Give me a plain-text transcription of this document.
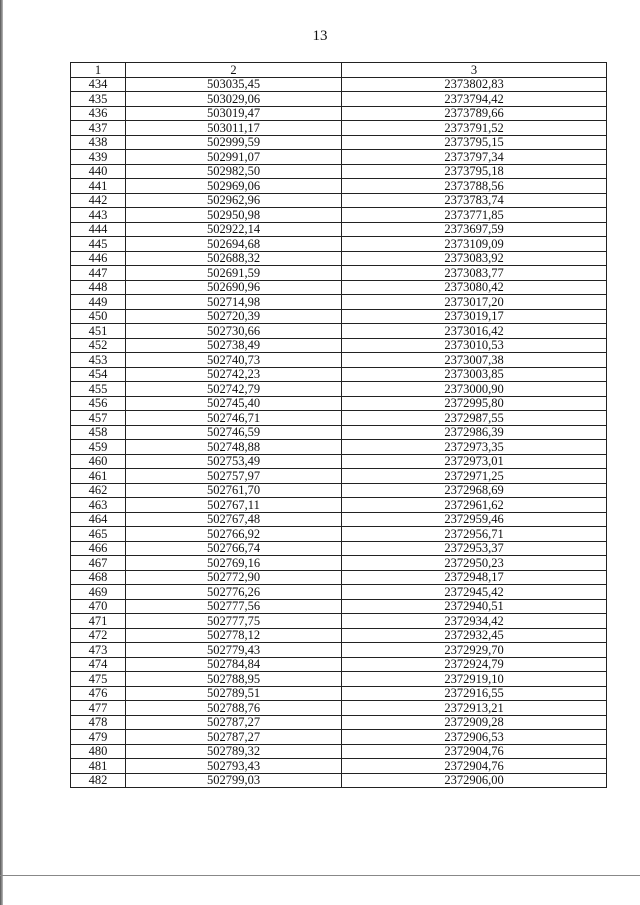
13
1	2	3
434	503035,45	2373802,83
435	503029,06	2373794,42
436	503019,47	2373789,66
437	503011,17	2373791,52
438	502999,59	2373795,15
439	502991,07	2373797,34
440	502982,50	2373795,18
441	502969,06	2373788,56
442	502962,96	2373783,74
443	502950,98	2373771,85
444	502922,14	2373697,59
445	502694,68	2373109,09
446	502688,32	2373083,92
447	502691,59	2373083,77
448	502690,96	2373080,42
449	502714,98	2373017,20
450	502720,39	2373019,17
451	502730,66	2373016,42
452	502738,49	2373010,53
453	502740,73	2373007,38
454	502742,23	2373003,85
455	502742,79	2373000,90
456	502745,40	2372995,80
457	502746,71	2372987,55
458	502746,59	2372986,39
459	502748,88	2372973,35
460	502753,49	2372973,01
461	502757,97	2372971,25
462	502761,70	2372968,69
463	502767,11	2372961,62
464	502767,48	2372959,46
465	502766,92	2372956,71
466	502766,74	2372953,37
467	502769,16	2372950,23
468	502772,90	2372948,17
469	502776,26	2372945,42
470	502777,56	2372940,51
471	502777,75	2372934,42
472	502778,12	2372932,45
473	502779,43	2372929,70
474	502784,84	2372924,79
475	502788,95	2372919,10
476	502789,51	2372916,55
477	502788,76	2372913,21
478	502787,27	2372909,28
479	502787,27	2372906,53
480	502789,32	2372904,76
481	502793,43	2372904,76
482	502799,03	2372906,00
